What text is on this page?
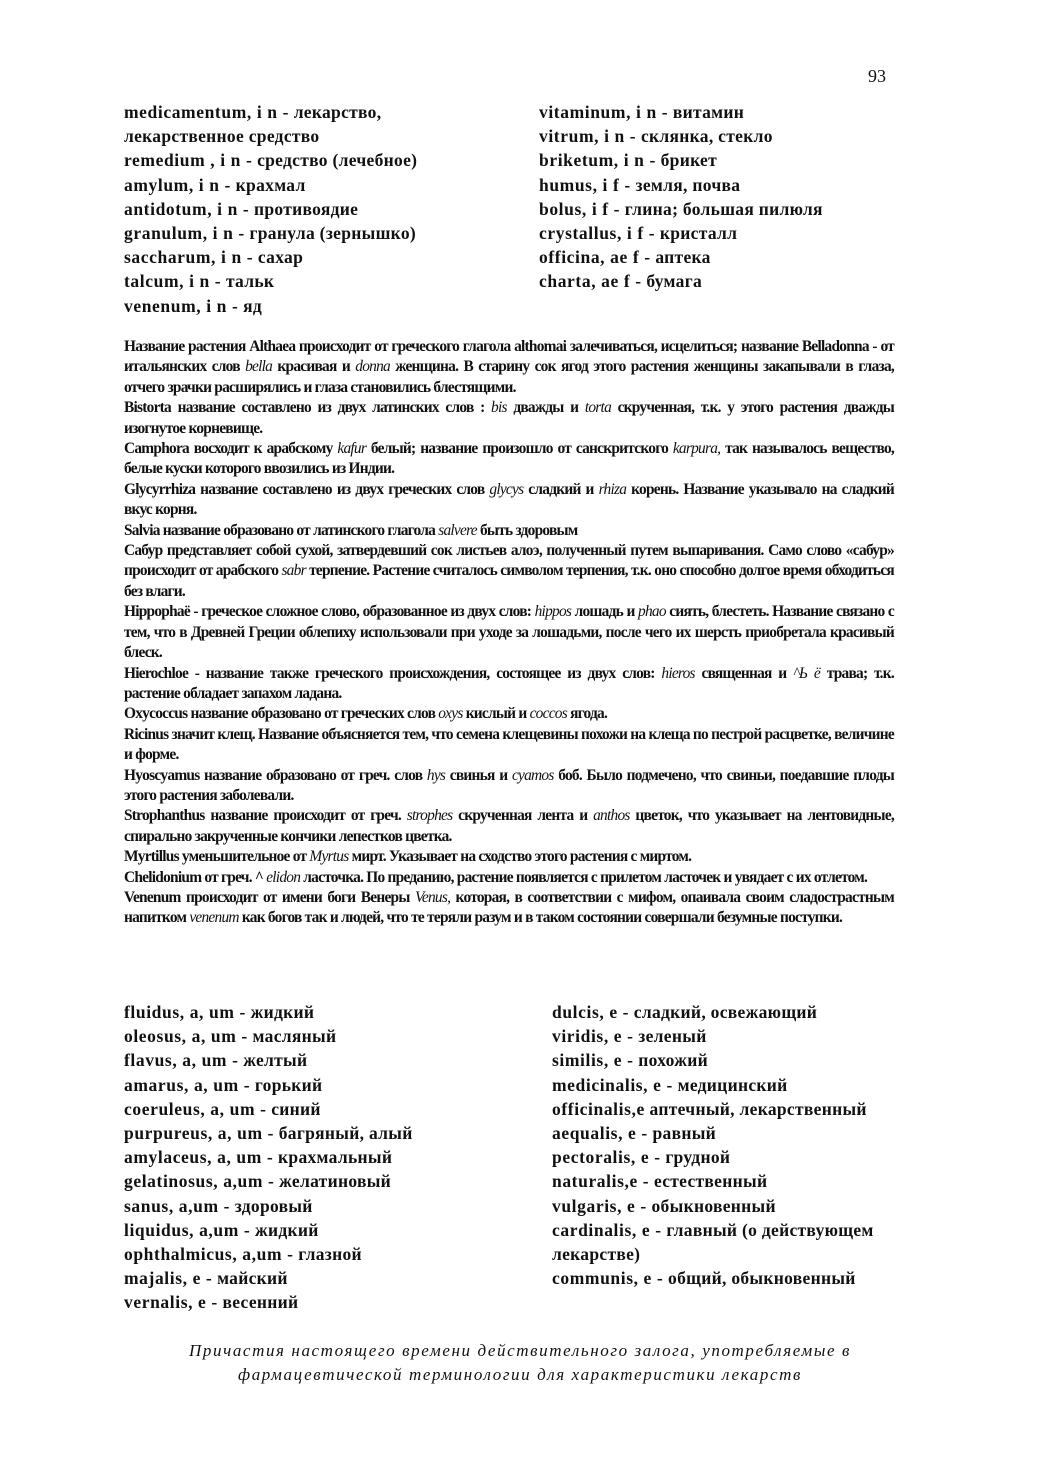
93
medicamentum, i n - лекарство,
лекарственное средство
remedium , i n - средство (лечебное)
amylum, i n - крахмал
antidotum, i n - противоядие
granulum, i n - гранула (зернышко)
saccharum, i n - сахар
talcum, i n - тальк
venenum, i n - яд
vitaminum, i n - витамин
vitrum, i n - склянка, стекло
briketum, i n - брикет
humus, i f - земля, почва
bolus, i f - глина; большая пилюля
crystallus, i f - кристалл
officina, ae f - аптека
charta, ae f - бумага

Название растения Althaea происходит от греческого глагола althomai залечиваться, исцелиться; название Belladonna - от итальянских слов bella красивая и donna женщина. В старину сок ягод этого растения женщины закапывали в глаза, отчего зрачки расширялись и глаза становились блестящими.

Bistorta название составлено из двух латинских слов : bis дважды и torta скрученная, т.к. у этого растения дважды изогнутое корневище.

Camphora восходит к арабскому kafur белый; название произошло от санскритского karpura, так называлось вещество, белые куски которого ввозились из Индии.

Glycyrrhiza название составлено из двух греческих слов glycys сладкий и rhiza корень. Название указывало на сладкий вкус корня.

Salvia название образовано от латинского глагола salvere быть здоровым

Сабур представляет собой сухой, затвердевший сок листьев алоэ, полученный путем выпаривания. Само слово «сабур» происходит от арабского sabr терпение. Растение считалось символом терпения, т.к. оно способно долгое время обходиться без влаги.

Hippophaё - греческое сложное слово, образованное из двух слов: hippos лошадь и phao сиять, блестеть. Название связано с тем, что в Древней Греции облепиху использовали при уходе за лошадьми, после чего их шерсть приобретала красивый блеск.

Hierochloe - название также греческого происхождения, состоящее из двух слов: hieros священная и ^Ь ё трава; т.к. растение обладает запахом ладана.

Oxycoccus название образовано от греческих слов oxys кислый и coccos ягода.

Ricinus значит клещ. Название объясняется тем, что семена клещевины похожи на клеща по пестрой расцветке, величине и форме.

Hyoscyamus название образовано от греч. слов hys свинья и cyamos боб. Было подмечено, что свиньи, поедавшие плоды этого растения заболевали.

Strophanthus название происходит от греч. strophes скрученная лента и anthos цветок, что указывает на лентовидные, спирально закрученные кончики лепестков цветка.

Myrtillus уменьшительное от Myrtus мирт. Указывает на сходство этого растения с миртом.

Chelidonium от греч. ^ elidon ласточка. По преданию, растение появляется с прилетом ласточек и увядает с их отлетом.

Venenum происходит от имени боги Венеры Venus, которая, в соответствии с мифом, опаивала своим сладострастным напитком venenum как богов так и людей, что те теряли разум и в таком состоянии совершали безумные поступки.

fluidus, a, um - жидкий
oleosus, a, um - масляный
flavus, a, um - желтый
amarus, a, um - горький
coeruleus, a, um - синий
purpureus, a, um - багряный, алый
amylaceus, a, um - крахмальный
gelatinosus, a,um - желатиновый
sanus, a,um - здоровый
liquidus, a,um - жидкий
ophthalmicus, a,um - глазной
majalis, e - майский
vernalis, e - весенний
dulcis, e - сладкий, освежающий
viridis, e - зеленый
similis, e - похожий
medicinalis, e - медицинский
officinalis,e аптечный, лекарственный
aequalis, e - равный
pectoralis, e - грудной
naturalis,e - естественный
vulgaris, e - обыкновенный
cardinalis, e - главный (о действующем
лекарстве)
communis, e - общий, обыкновенный
Причастия настоящего времени действительного залога, употребляемые в фармацевтической терминологии для характеристики лекарств
